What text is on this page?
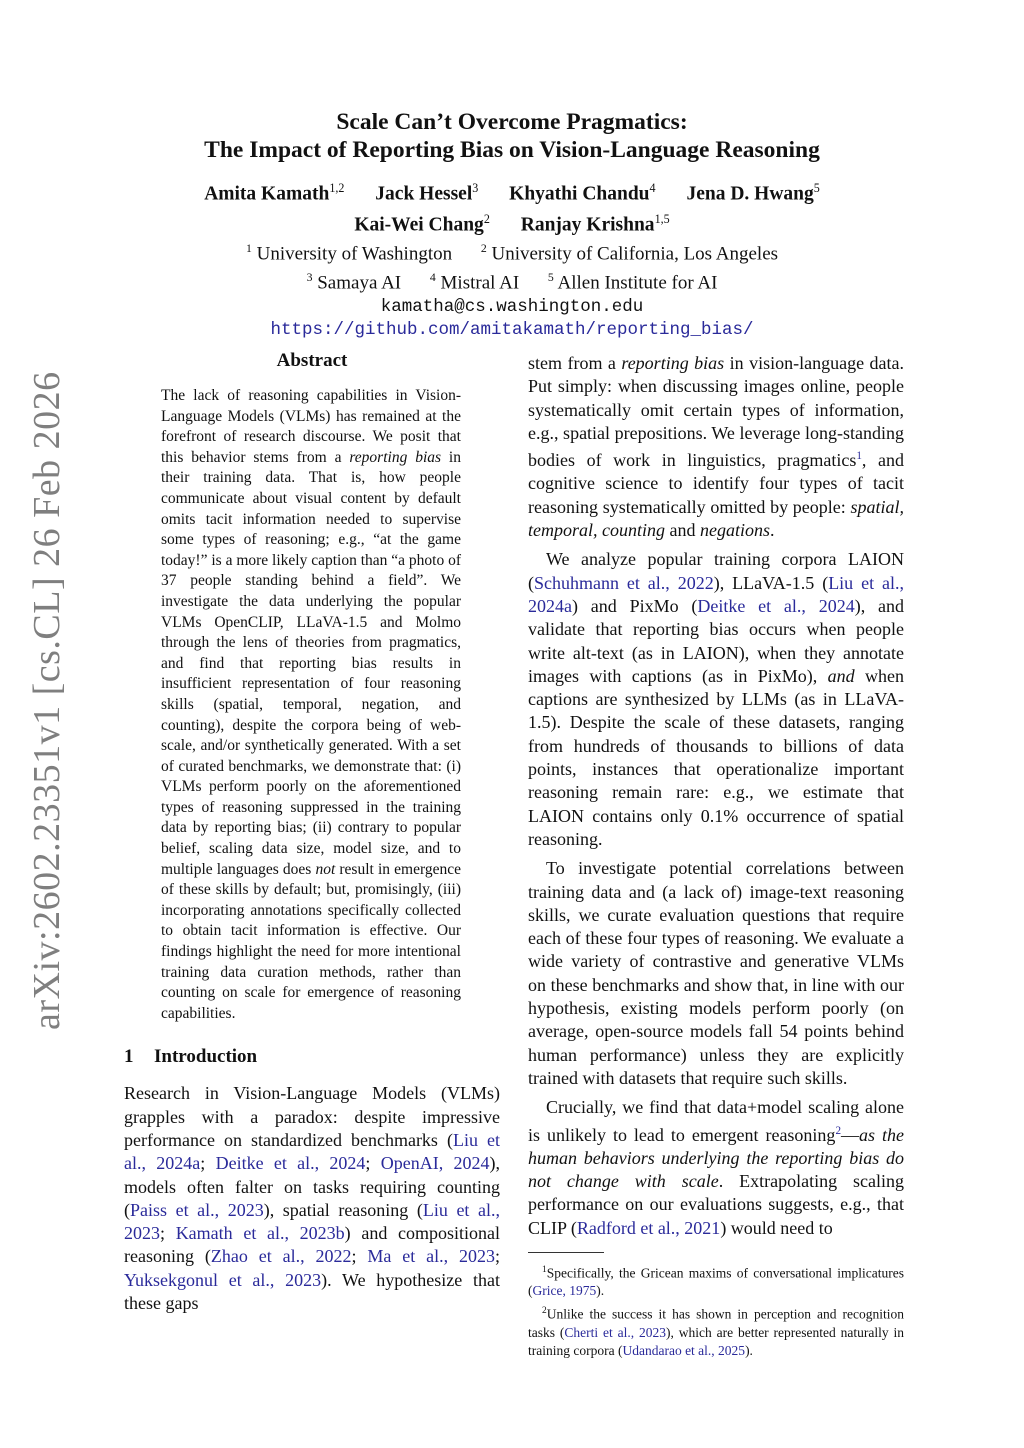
arXiv:2602.23351v1 [cs.CL] 26 Feb 2026
Scale Can’t Overcome Pragmatics:
The Impact of Reporting Bias on Vision-Language Reasoning
Amita Kamath$^{1,2}$ Jack Hessel$^3$ Khyathi Chandu$^4$ Jena D. Hwang$^5$
Kai-Wei Chang$^2$ Ranjay Krishna$^{1,5}$
$^1$ University of Washington $^2$ University of California, Los Angeles
$^3$ Samaya AI $^4$ Mistral AI $^5$ Allen Institute for AI
kamatha@cs.washington.edu
https://github.com/amitakamath/reporting_bias/
Abstract

The lack of reasoning capabilities in Vision-Language Models (VLMs) has remained at the forefront of research discourse. We posit that this behavior stems from a reporting bias in their training data. That is, how people communicate about visual content by default omits tacit information needed to supervise some types of reasoning; e.g., “at the game today!” is a more likely caption than “a photo of 37 people standing behind a field”. We investigate the data underlying the popular VLMs OpenCLIP, LLaVA-1.5 and Molmo through the lens of theories from pragmatics, and find that reporting bias results in insufficient representation of four reasoning skills (spatial, temporal, negation, and counting), despite the corpora being of web-scale, and/or synthetically generated. With a set of curated benchmarks, we demonstrate that: (i) VLMs perform poorly on the aforementioned types of reasoning suppressed in the training data by reporting bias; (ii) contrary to popular belief, scaling data size, model size, and to multiple languages does not result in emergence of these skills by default; but, promisingly, (iii) incorporating annotations specifically collected to obtain tacit information is effective. Our findings highlight the need for more intentional training data curation methods, rather than counting on scale for emergence of reasoning capabilities.

1 Introduction

Research in Vision-Language Models (VLMs) grapples with a paradox: despite impressive performance on standardized benchmarks (Liu et al., 2024a; Deitke et al., 2024; OpenAI, 2024), models often falter on tasks requiring counting (Paiss et al., 2023), spatial reasoning (Liu et al., 2023; Kamath et al., 2023b) and compositional reasoning (Zhao et al., 2022; Ma et al., 2023; Yuksekgonul et al., 2023). We hypothesize that these gaps

stem from a reporting bias in vision-language data. Put simply: when discussing images online, people systematically omit certain types of information, e.g., spatial prepositions. We leverage long-standing bodies of work in linguistics, pragmatics$^1$, and cognitive science to identify four types of tacit reasoning systematically omitted by people: spatial, temporal, counting and negations.

We analyze popular training corpora LAION (Schuhmann et al., 2022), LLaVA-1.5 (Liu et al., 2024a) and PixMo (Deitke et al., 2024), and validate that reporting bias occurs when people write alt-text (as in LAION), when they annotate images with captions (as in PixMo), and when captions are synthesized by LLMs (as in LLaVA-1.5). Despite the scale of these datasets, ranging from hundreds of thousands to billions of data points, instances that operationalize important reasoning remain rare: e.g., we estimate that LAION contains only 0.1% occurrence of spatial reasoning.

To investigate potential correlations between training data and (a lack of) image-text reasoning skills, we curate evaluation questions that require each of these four types of reasoning. We evaluate a wide variety of contrastive and generative VLMs on these benchmarks and show that, in line with our hypothesis, existing models perform poorly (on average, open-source models fall 54 points behind human performance) unless they are explicitly trained with datasets that require such skills.

Crucially, we find that data+model scaling alone is unlikely to lead to emergent reasoning$^2$—as the human behaviors underlying the reporting bias do not change with scale. Extrapolating scaling performance on our evaluations suggests, e.g., that CLIP (Radford et al., 2021) would need to

$^1$Specifically, the Gricean maxims of conversational implicatures (Grice, 1975).

$^2$Unlike the success it has shown in perception and recognition tasks (Cherti et al., 2023), which are better represented naturally in training corpora (Udandarao et al., 2025).
